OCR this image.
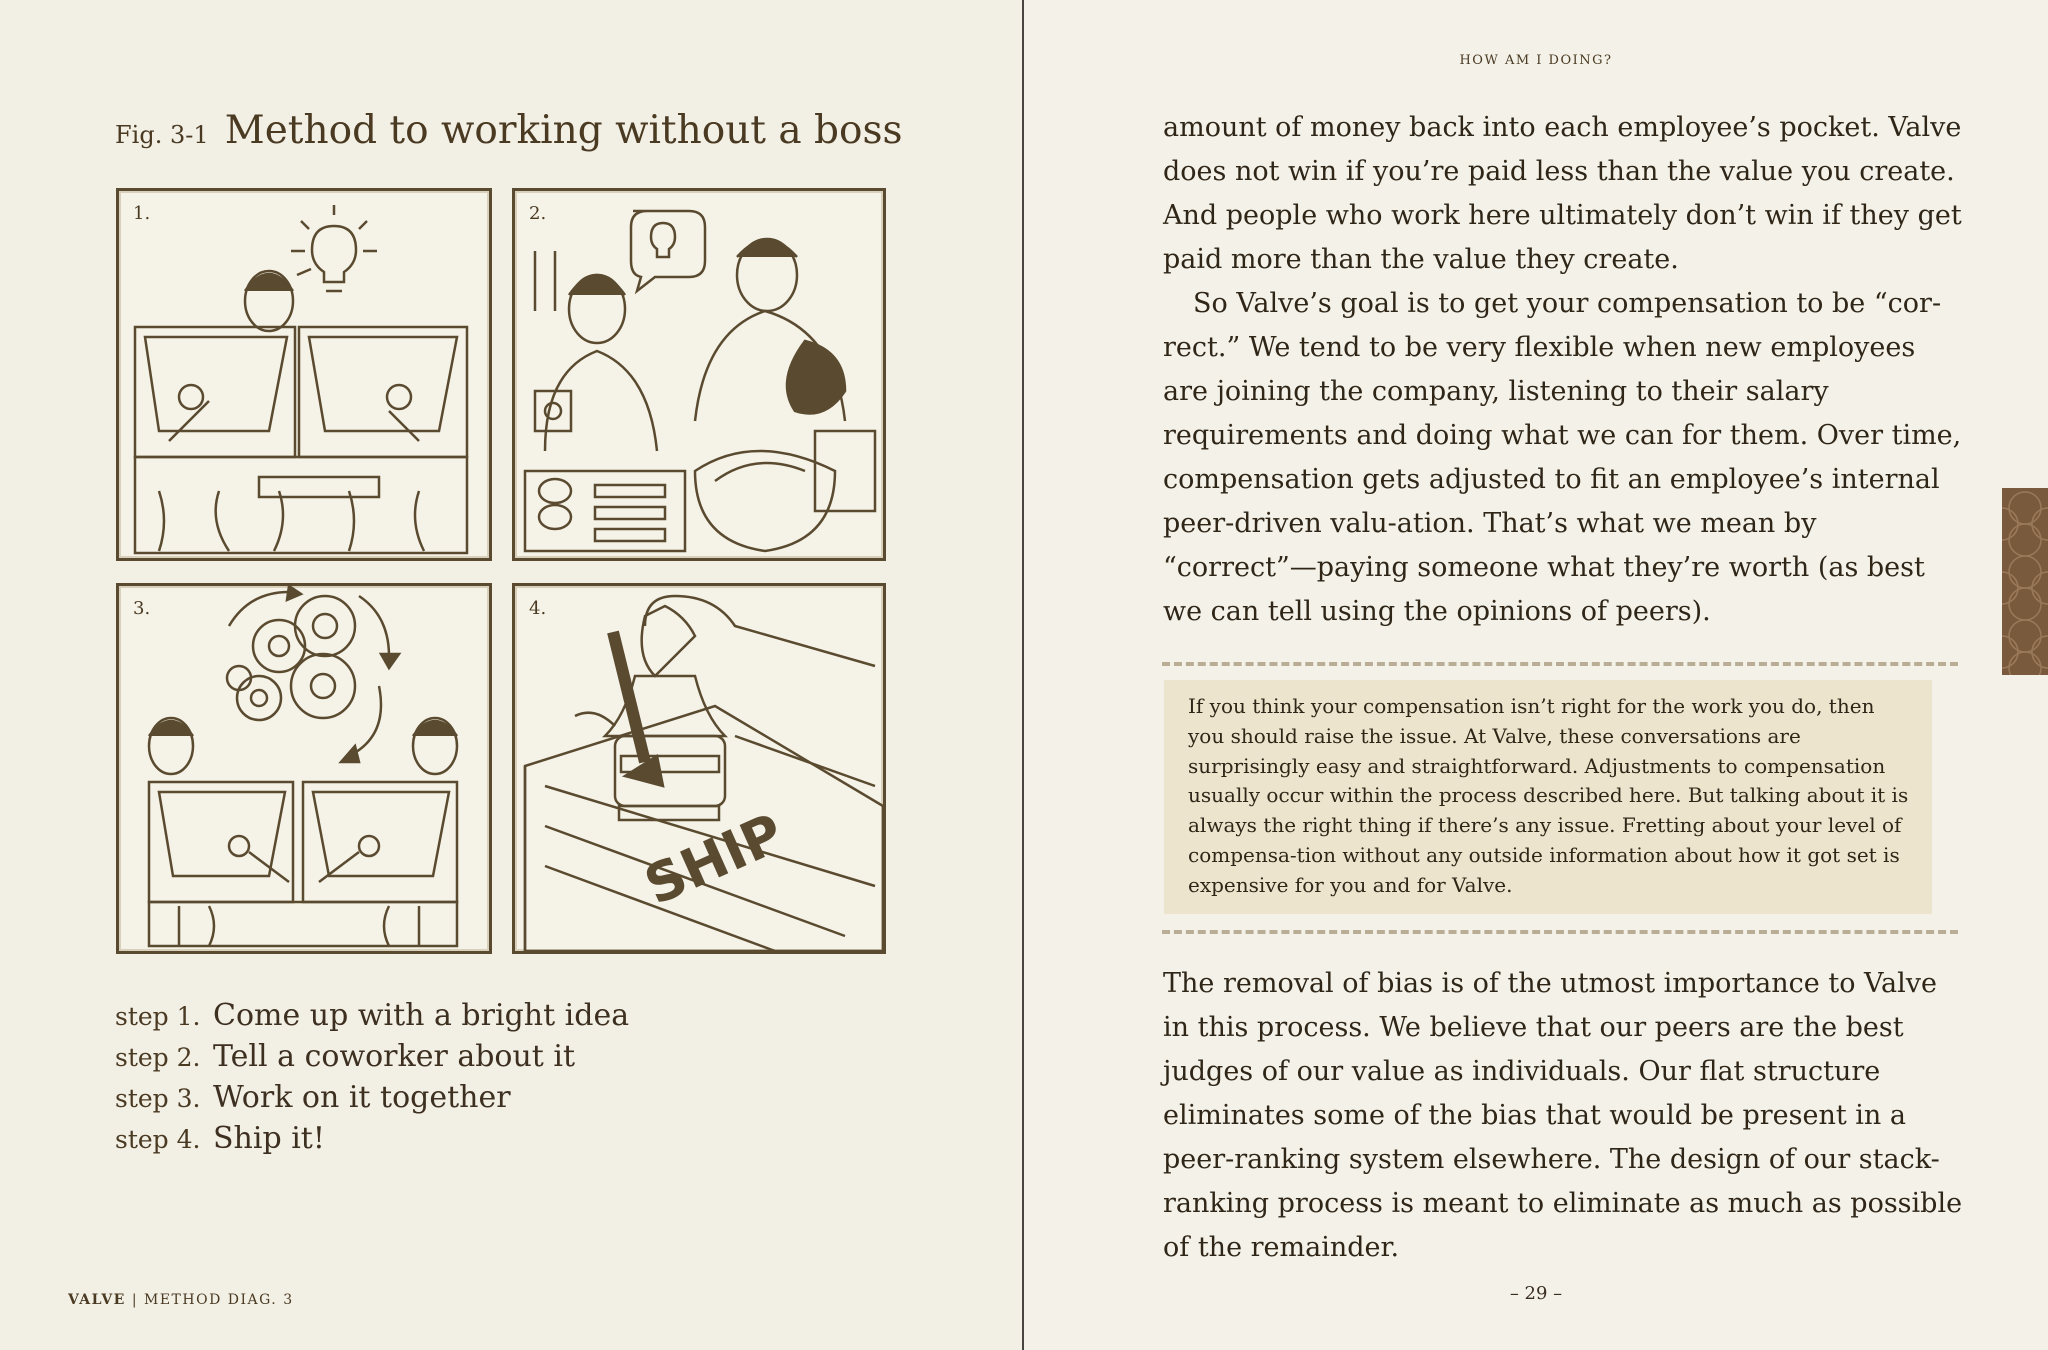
Fig. 3-1 Method to working without a boss
1.	2.
3.
SHIP
4.
step 1. Come up with a bright idea
step 2. Tell a coworker about it
step 3. Work on it together
step 4. Ship it!
VALVE | METHOD DIAG. 3
HOW AM I DOING?
amount of money back into each employee’s pocket. Valve does not win if you’re paid less than the value you create. And people who work here ultimately don’t win if they get paid more than the value they create.
So Valve’s goal is to get your compensation to be “cor-rect.” We tend to be very flexible when new employees are joining the company, listening to their salary requirements and doing what we can for them. Over time, compensation gets adjusted to fit an employee’s internal peer-driven valu-ation. That’s what we mean by “correct”—paying someone what they’re worth (as best we can tell using the opinions of peers).
If you think your compensation isn’t right for the work you do, then you should raise the issue. At Valve, these conversations are surprisingly easy and straightforward. Adjustments to compensation usually occur within the process described here. But talking about it is always the right thing if there’s any issue. Fretting about your level of compensa-tion without any outside information about how it got set is expensive for you and for Valve.
The removal of bias is of the utmost importance to Valve in this process. We believe that our peers are the best judges of our value as individuals. Our flat structure eliminates some of the bias that would be present in a peer-ranking system elsewhere. The design of our stack-ranking process is meant to eliminate as much as possible of the remainder.
– 29 –
